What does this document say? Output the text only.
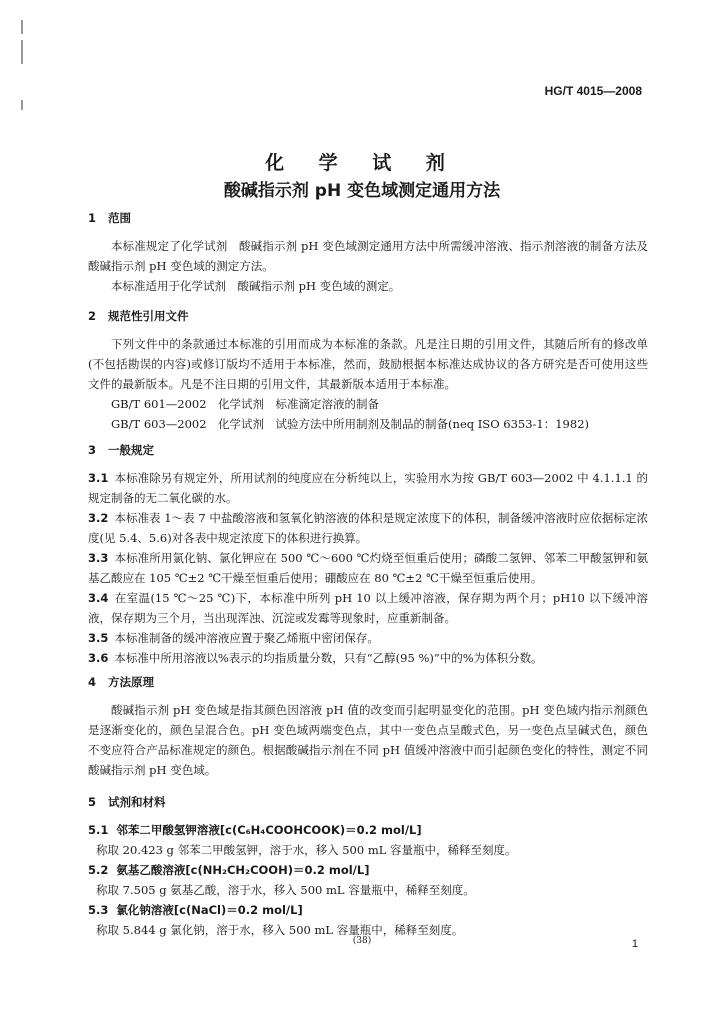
HG/T 4015—2008
化 学 试 剂
酸碱指示剂 pH 变色域测定通用方法

1 范围

本标准规定了化学试剂　酸碱指示剂 pH 变色域测定通用方法中所需缓冲溶液、指示剂溶液的制备方法及酸碱指示剂 pH 变色域的测定方法。

本标准适用于化学试剂　酸碱指示剂 pH 变色域的测定。

2 规范性引用文件

下列文件中的条款通过本标准的引用而成为本标准的条款。凡是注日期的引用文件，其随后所有的修改单(不包括勘误的内容)或修订版均不适用于本标准，然而，鼓励根据本标准达成协议的各方研究是否可使用这些文件的最新版本。凡是不注日期的引用文件，其最新版本适用于本标准。

GB/T 601—2002　化学试剂　标准滴定溶液的制备

GB/T 603—2002　化学试剂　试验方法中所用制剂及制品的制备(neq ISO 6353-1：1982)

3 一般规定

3.1 本标准除另有规定外，所用试剂的纯度应在分析纯以上，实验用水为按 GB/T 603—2002 中 4.1.1.1 的规定制备的无二氧化碳的水。

3.2 本标准表 1～表 7 中盐酸溶液和氢氧化钠溶液的体积是规定浓度下的体积，制备缓冲溶液时应依据标定浓度(见 5.4、5.6)对各表中规定浓度下的体积进行换算。

3.3 本标准所用氯化钠、氯化钾应在 500 ℃～600 ℃灼烧至恒重后使用；磷酸二氢钾、邻苯二甲酸氢钾和氨基乙酸应在 105 ℃±2 ℃干燥至恒重后使用；硼酸应在 80 ℃±2 ℃干燥至恒重后使用。

3.4 在室温(15 ℃～25 ℃)下，本标准中所列 pH 10 以上缓冲溶液，保存期为两个月；pH10 以下缓冲溶液，保存期为三个月，当出现浑浊、沉淀或发霉等现象时，应重新制备。

3.5 本标准制备的缓冲溶液应置于聚乙烯瓶中密闭保存。

3.6 本标准中所用溶液以%表示的均指质量分数，只有“乙醇(95 %)”中的%为体积分数。

4 方法原理

酸碱指示剂 pH 变色域是指其颜色因溶液 pH 值的改变而引起明显变化的范围。pH 变色域内指示剂颜色是逐渐变化的，颜色呈混合色。pH 变色域两端变色点，其中一变色点呈酸式色，另一变色点呈碱式色，颜色不变应符合产品标准规定的颜色。根据酸碱指示剂在不同 pH 值缓冲溶液中而引起颜色变化的特性，测定不同酸碱指示剂 pH 变色域。

5 试剂和材料

5.1 邻苯二甲酸氢钾溶液[c(C₆H₄COOHCOOK)＝0.2 mol/L]

称取 20.423 g 邻苯二甲酸氢钾，溶于水，移入 500 mL 容量瓶中，稀释至刻度。

5.2 氨基乙酸溶液[c(NH₂CH₂COOH)＝0.2 mol/L]

称取 7.505 g 氨基乙酸，溶于水，移入 500 mL 容量瓶中，稀释至刻度。

5.3 氯化钠溶液[c(NaCl)＝0.2 mol/L]

称取 5.844 g 氯化钠，溶于水，移入 500 mL 容量瓶中，稀释至刻度。

(38)	1
